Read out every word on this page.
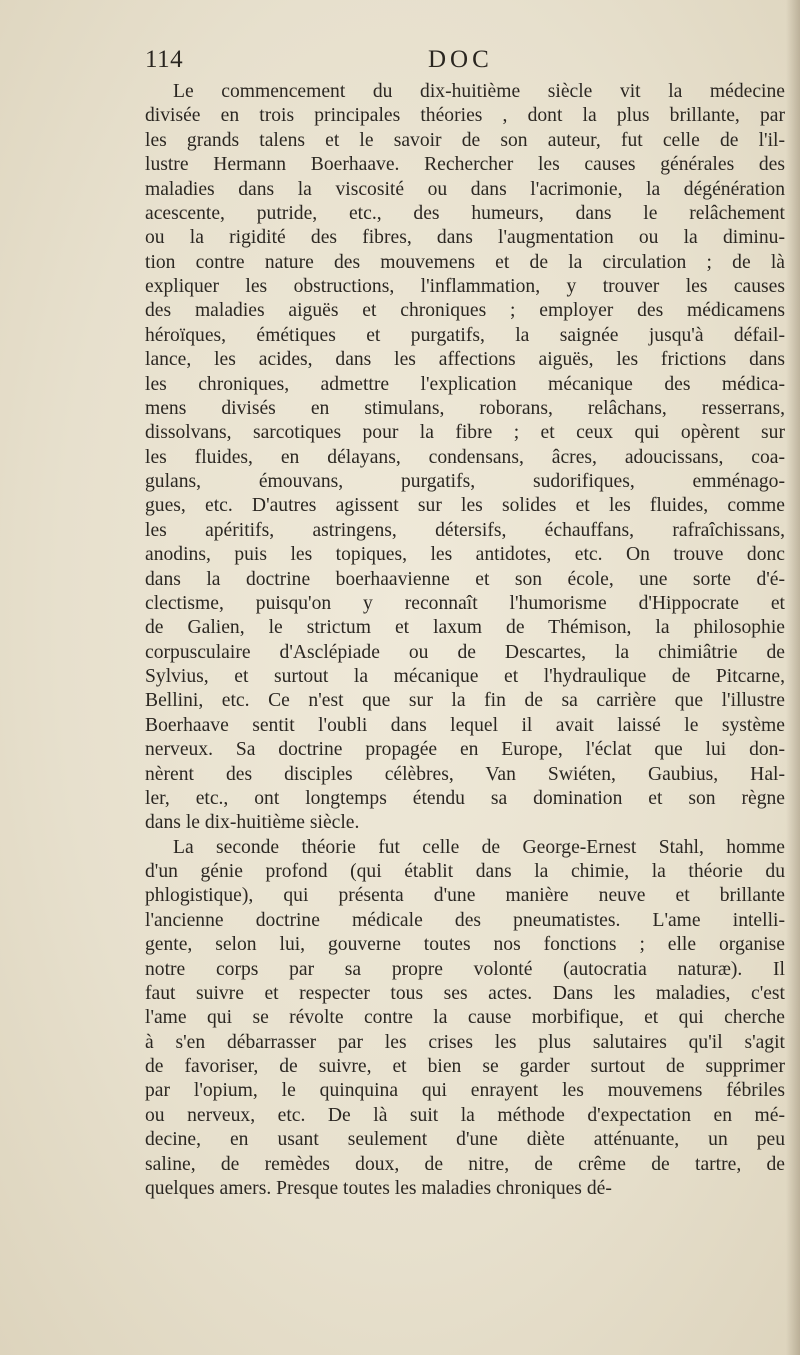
114	DOC
Le commencement du dix-huitième siècle vit la médecine
divisée en trois principales théories , dont la plus brillante, par
les grands talens et le savoir de son auteur, fut celle de l'il-
lustre Hermann Boerhaave. Rechercher les causes générales des
maladies dans la viscosité ou dans l'acrimonie, la dégénération
acescente, putride, etc., des humeurs, dans le relâchement
ou la rigidité des fibres, dans l'augmentation ou la diminu-
tion contre nature des mouvemens et de la circulation ; de là
expliquer les obstructions, l'inflammation, y trouver les causes
des maladies aiguës et chroniques ; employer des médicamens
héroïques, émétiques et purgatifs, la saignée jusqu'à défail-
lance, les acides, dans les affections aiguës, les frictions dans
les chroniques, admettre l'explication mécanique des médica-
mens divisés en stimulans, roborans, relâchans, resserrans,
dissolvans, sarcotiques pour la fibre ; et ceux qui opèrent sur
les fluides, en délayans, condensans, âcres, adoucissans, coa-
gulans, émouvans, purgatifs, sudorifiques, emménago-
gues, etc. D'autres agissent sur les solides et les fluides, comme
les apéritifs, astringens, détersifs, échauffans, rafraîchissans,
anodins, puis les topiques, les antidotes, etc. On trouve donc
dans la doctrine boerhaavienne et son école, une sorte d'é-
clectisme, puisqu'on y reconnaît l'humorisme d'Hippocrate et
de Galien, le strictum et laxum de Thémison, la philosophie
corpusculaire d'Asclépiade ou de Descartes, la chimiâtrie de
Sylvius, et surtout la mécanique et l'hydraulique de Pitcarne,
Bellini, etc. Ce n'est que sur la fin de sa carrière que l'illustre
Boerhaave sentit l'oubli dans lequel il avait laissé le système
nerveux. Sa doctrine propagée en Europe, l'éclat que lui don-
nèrent des disciples célèbres, Van Swiéten, Gaubius, Hal-
ler, etc., ont longtemps étendu sa domination et son règne
dans le dix-huitième siècle.
La seconde théorie fut celle de George-Ernest Stahl, homme
d'un génie profond (qui établit dans la chimie, la théorie du
phlogistique), qui présenta d'une manière neuve et brillante
l'ancienne doctrine médicale des pneumatistes. L'ame intelli-
gente, selon lui, gouverne toutes nos fonctions ; elle organise
notre corps par sa propre volonté (autocratia naturæ). Il
faut suivre et respecter tous ses actes. Dans les maladies, c'est
l'ame qui se révolte contre la cause morbifique, et qui cherche
à s'en débarrasser par les crises les plus salutaires qu'il s'agit
de favoriser, de suivre, et bien se garder surtout de supprimer
par l'opium, le quinquina qui enrayent les mouvemens fébriles
ou nerveux, etc. De là suit la méthode d'expectation en mé-
decine, en usant seulement d'une diète atténuante, un peu
saline, de remèdes doux, de nitre, de crême de tartre, de
quelques amers. Presque toutes les maladies chroniques dé-
